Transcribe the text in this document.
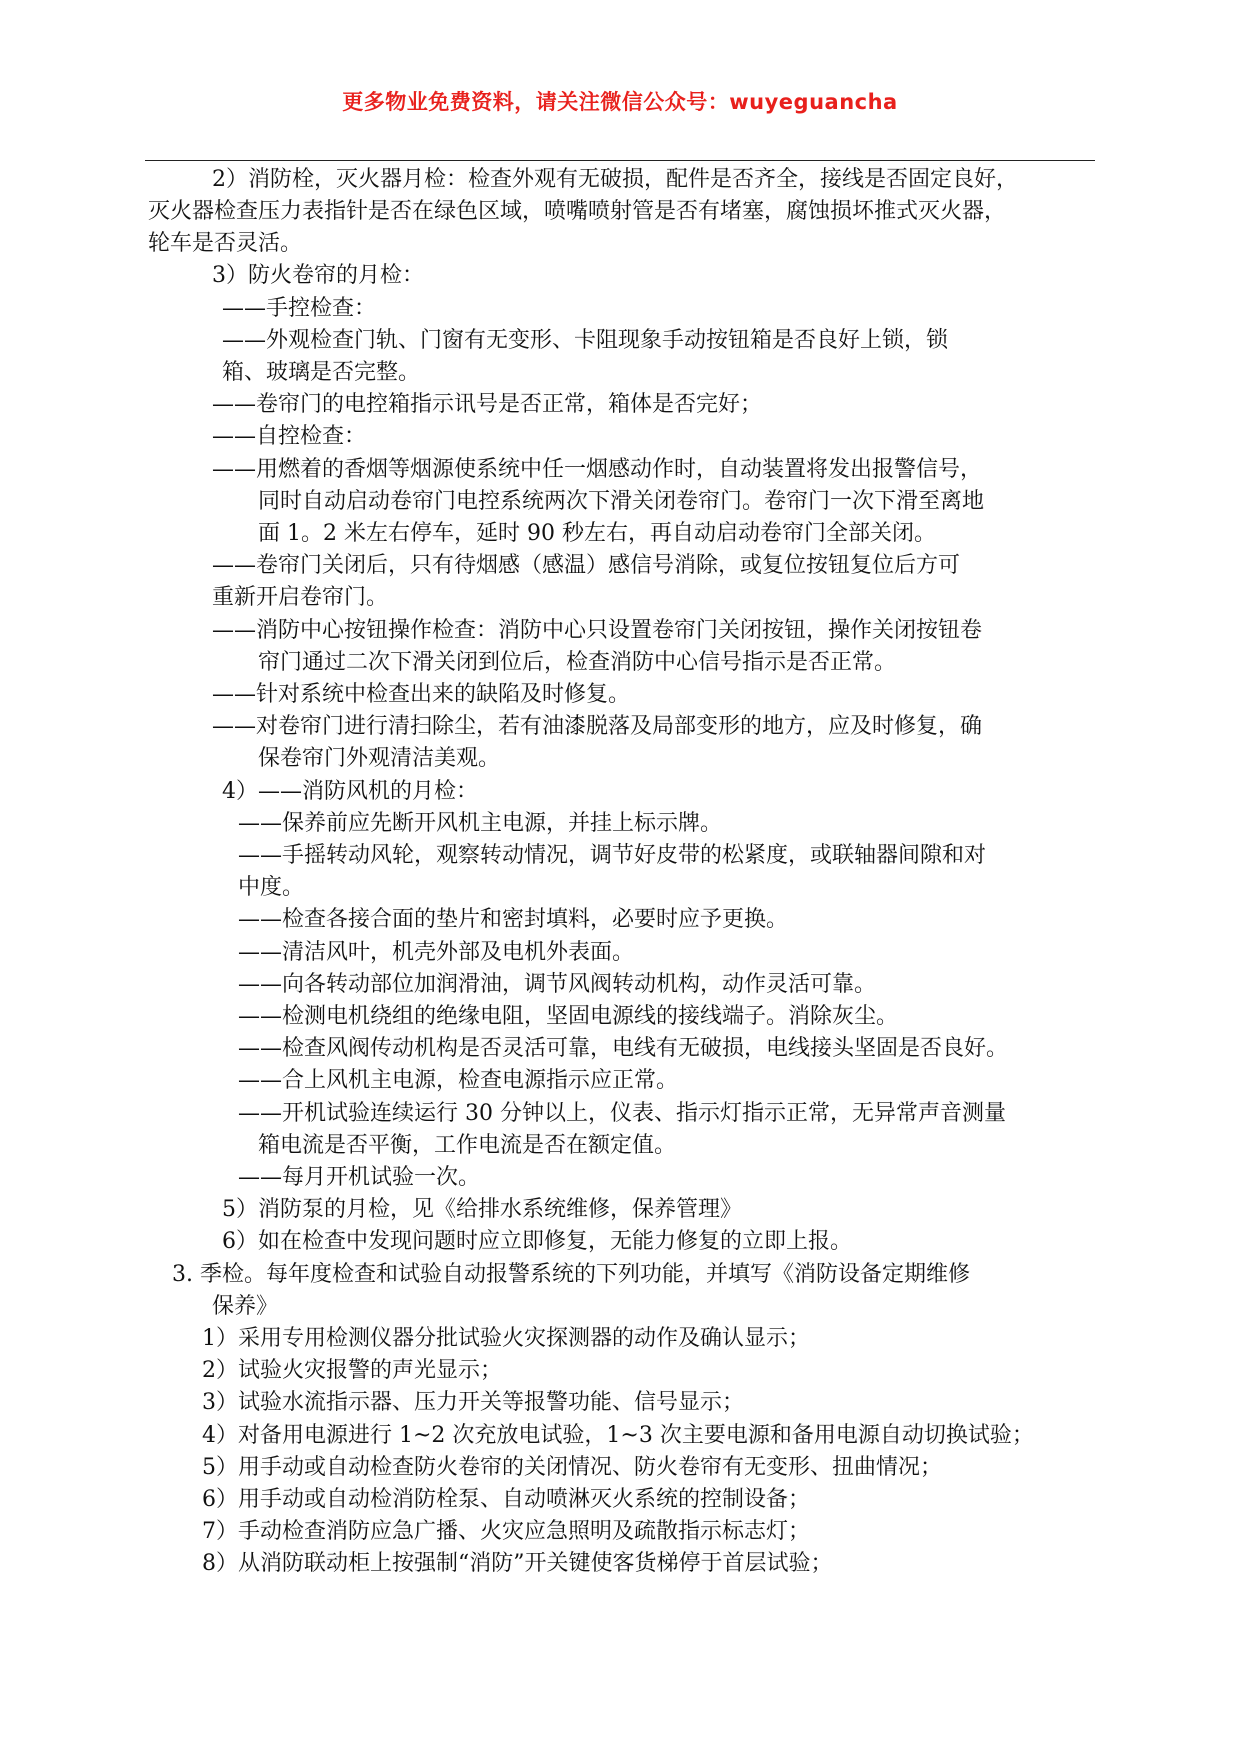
更多物业免费资料，请关注微信公众号：wuyeguancha
2）消防栓，灭火器月检：检查外观有无破损，配件是否齐全，接线是否固定良好，
灭火器检查压力表指针是否在绿色区域，喷嘴喷射管是否有堵塞，腐蚀损坏推式灭火器，
轮车是否灵活。
3）防火卷帘的月检：
——手控检查：
——外观检查门轨、门窗有无变形、卡阻现象手动按钮箱是否良好上锁，锁
箱、玻璃是否完整。
——卷帘门的电控箱指示讯号是否正常，箱体是否完好；
——自控检查：
——用燃着的香烟等烟源使系统中任一烟感动作时，自动装置将发出报警信号，
同时自动启动卷帘门电控系统两次下滑关闭卷帘门。卷帘门一次下滑至离地
面 1。2 米左右停车，延时 90 秒左右，再自动启动卷帘门全部关闭。
——卷帘门关闭后，只有待烟感（感温）感信号消除，或复位按钮复位后方可
重新开启卷帘门。
——消防中心按钮操作检查：消防中心只设置卷帘门关闭按钮，操作关闭按钮卷
帘门通过二次下滑关闭到位后，检查消防中心信号指示是否正常。
——针对系统中检查出来的缺陷及时修复。
——对卷帘门进行清扫除尘，若有油漆脱落及局部变形的地方，应及时修复，确
保卷帘门外观清洁美观。
4）——消防风机的月检：
——保养前应先断开风机主电源，并挂上标示牌。
——手摇转动风轮，观察转动情况，调节好皮带的松紧度，或联轴器间隙和对
中度。
——检查各接合面的垫片和密封填料，必要时应予更换。
——清洁风叶，机壳外部及电机外表面。
——向各转动部位加润滑油，调节风阀转动机构，动作灵活可靠。
——检测电机绕组的绝缘电阻，坚固电源线的接线端子。消除灰尘。
——检查风阀传动机构是否灵活可靠，电线有无破损，电线接头坚固是否良好。
——合上风机主电源，检查电源指示应正常。
——开机试验连续运行 30 分钟以上，仪表、指示灯指示正常，无异常声音测量
箱电流是否平衡，工作电流是否在额定值。
——每月开机试验一次。
5）消防泵的月检，见《给排水系统维修，保养管理》
6）如在检查中发现问题时应立即修复，无能力修复的立即上报。
3. 季检。每年度检查和试验自动报警系统的下列功能，并填写《消防设备定期维修
保养》
1）采用专用检测仪器分批试验火灾探测器的动作及确认显示；
2）试验火灾报警的声光显示；
3）试验水流指示器、压力开关等报警功能、信号显示；
4）对备用电源进行 1~2 次充放电试验，1~3 次主要电源和备用电源自动切换试验；
5）用手动或自动检查防火卷帘的关闭情况、防火卷帘有无变形、扭曲情况；
6）用手动或自动检消防栓泵、自动喷淋灭火系统的控制设备；
7）手动检查消防应急广播、火灾应急照明及疏散指示标志灯；
8）从消防联动柜上按强制“消防”开关键使客货梯停于首层试验；
